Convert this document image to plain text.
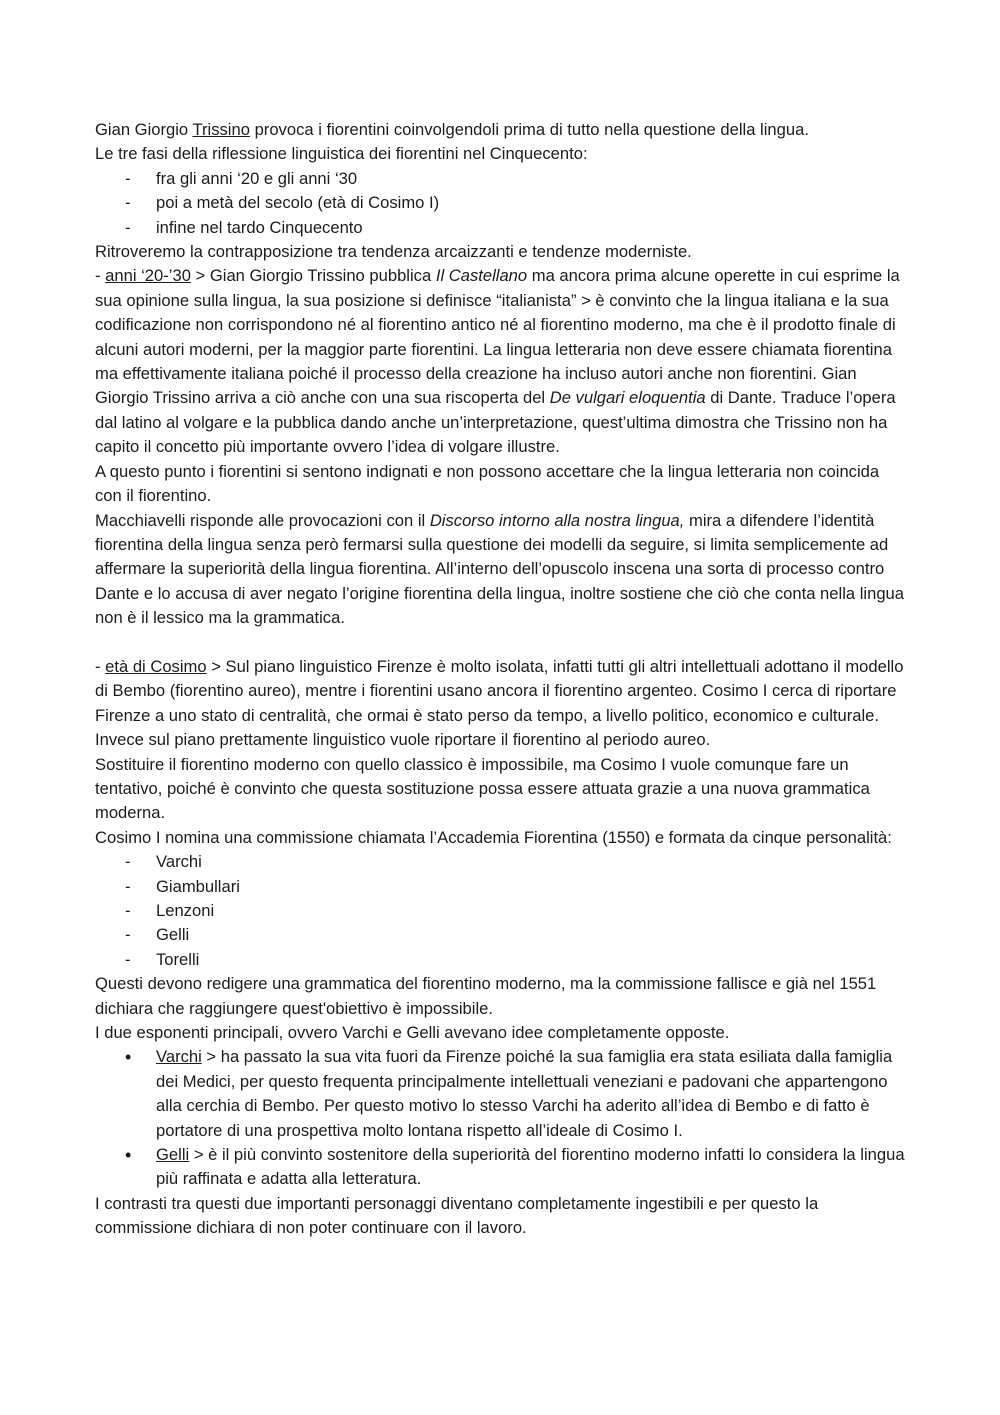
Gian Giorgio Trissino provoca i fiorentini coinvolgendoli prima di tutto nella questione della lingua.

Le tre fasi della riflessione linguistica dei fiorentini nel Cinquecento:

- fra gli anni ‘20 e gli anni ‘30
- poi a metà del secolo (età di Cosimo I)
- infine nel tardo Cinquecento

Ritroveremo la contrapposizione tra tendenza arcaizzanti e tendenze moderniste.

- anni ‘20-’30 > Gian Giorgio Trissino pubblica Il Castellano ma ancora prima alcune operette in cui esprime la sua opinione sulla lingua, la sua posizione si definisce “italianista” > è convinto che la lingua italiana e la sua codificazione non corrispondono né al fiorentino antico né al fiorentino moderno, ma che è il prodotto finale di alcuni autori moderni, per la maggior parte fiorentini. La lingua letteraria non deve essere chiamata fiorentina ma effettivamente italiana poiché il processo della creazione ha incluso autori anche non fiorentini. Gian Giorgio Trissino arriva a ciò anche con una sua riscoperta del De vulgari eloquentia di Dante. Traduce l’opera dal latino al volgare e la pubblica dando anche un’interpretazione, quest’ultima dimostra che Trissino non ha capito il concetto più importante ovvero l’idea di volgare illustre.

A questo punto i fiorentini si sentono indignati e non possono accettare che la lingua letteraria non coincida con il fiorentino.

Macchiavelli risponde alle provocazioni con il Discorso intorno alla nostra lingua, mira a difendere l’identità fiorentina della lingua senza però fermarsi sulla questione dei modelli da seguire, si limita semplicemente ad affermare la superiorità della lingua fiorentina. All’interno dell’opuscolo inscena una sorta di processo contro Dante e lo accusa di aver negato l’origine fiorentina della lingua, inoltre sostiene che ciò che conta nella lingua non è il lessico ma la grammatica.

- età di Cosimo > Sul piano linguistico Firenze è molto isolata, infatti tutti gli altri intellettuali adottano il modello di Bembo (fiorentino aureo), mentre i fiorentini usano ancora il fiorentino argenteo. Cosimo I cerca di riportare Firenze a uno stato di centralità, che ormai è stato perso da tempo, a livello politico, economico e culturale. Invece sul piano prettamente linguistico vuole riportare il fiorentino al periodo aureo.

Sostituire il fiorentino moderno con quello classico è impossibile, ma Cosimo I vuole comunque fare un tentativo, poiché è convinto che questa sostituzione possa essere attuata grazie a una nuova grammatica moderna.

Cosimo I nomina una commissione chiamata l’Accademia Fiorentina (1550) e formata da cinque personalità:

- Varchi
- Giambullari
- Lenzoni
- Gelli
- Torelli

Questi devono redigere una grammatica del fiorentino moderno, ma la commissione fallisce e già nel 1551 dichiara che raggiungere quest'obiettivo è impossibile.

I due esponenti principali, ovvero Varchi e Gelli avevano idee completamente opposte.

• Varchi > ha passato la sua vita fuori da Firenze poiché la sua famiglia era stata esiliata dalla famiglia dei Medici, per questo frequenta principalmente intellettuali veneziani e padovani che appartengono alla cerchia di Bembo. Per questo motivo lo stesso Varchi ha aderito all’idea di Bembo e di fatto è portatore di una prospettiva molto lontana rispetto all’ideale di Cosimo I.
• Gelli > è il più convinto sostenitore della superiorità del fiorentino moderno infatti lo considera la lingua più raffinata e adatta alla letteratura.

I contrasti tra questi due importanti personaggi diventano completamente ingestibili e per questo la commissione dichiara di non poter continuare con il lavoro.
